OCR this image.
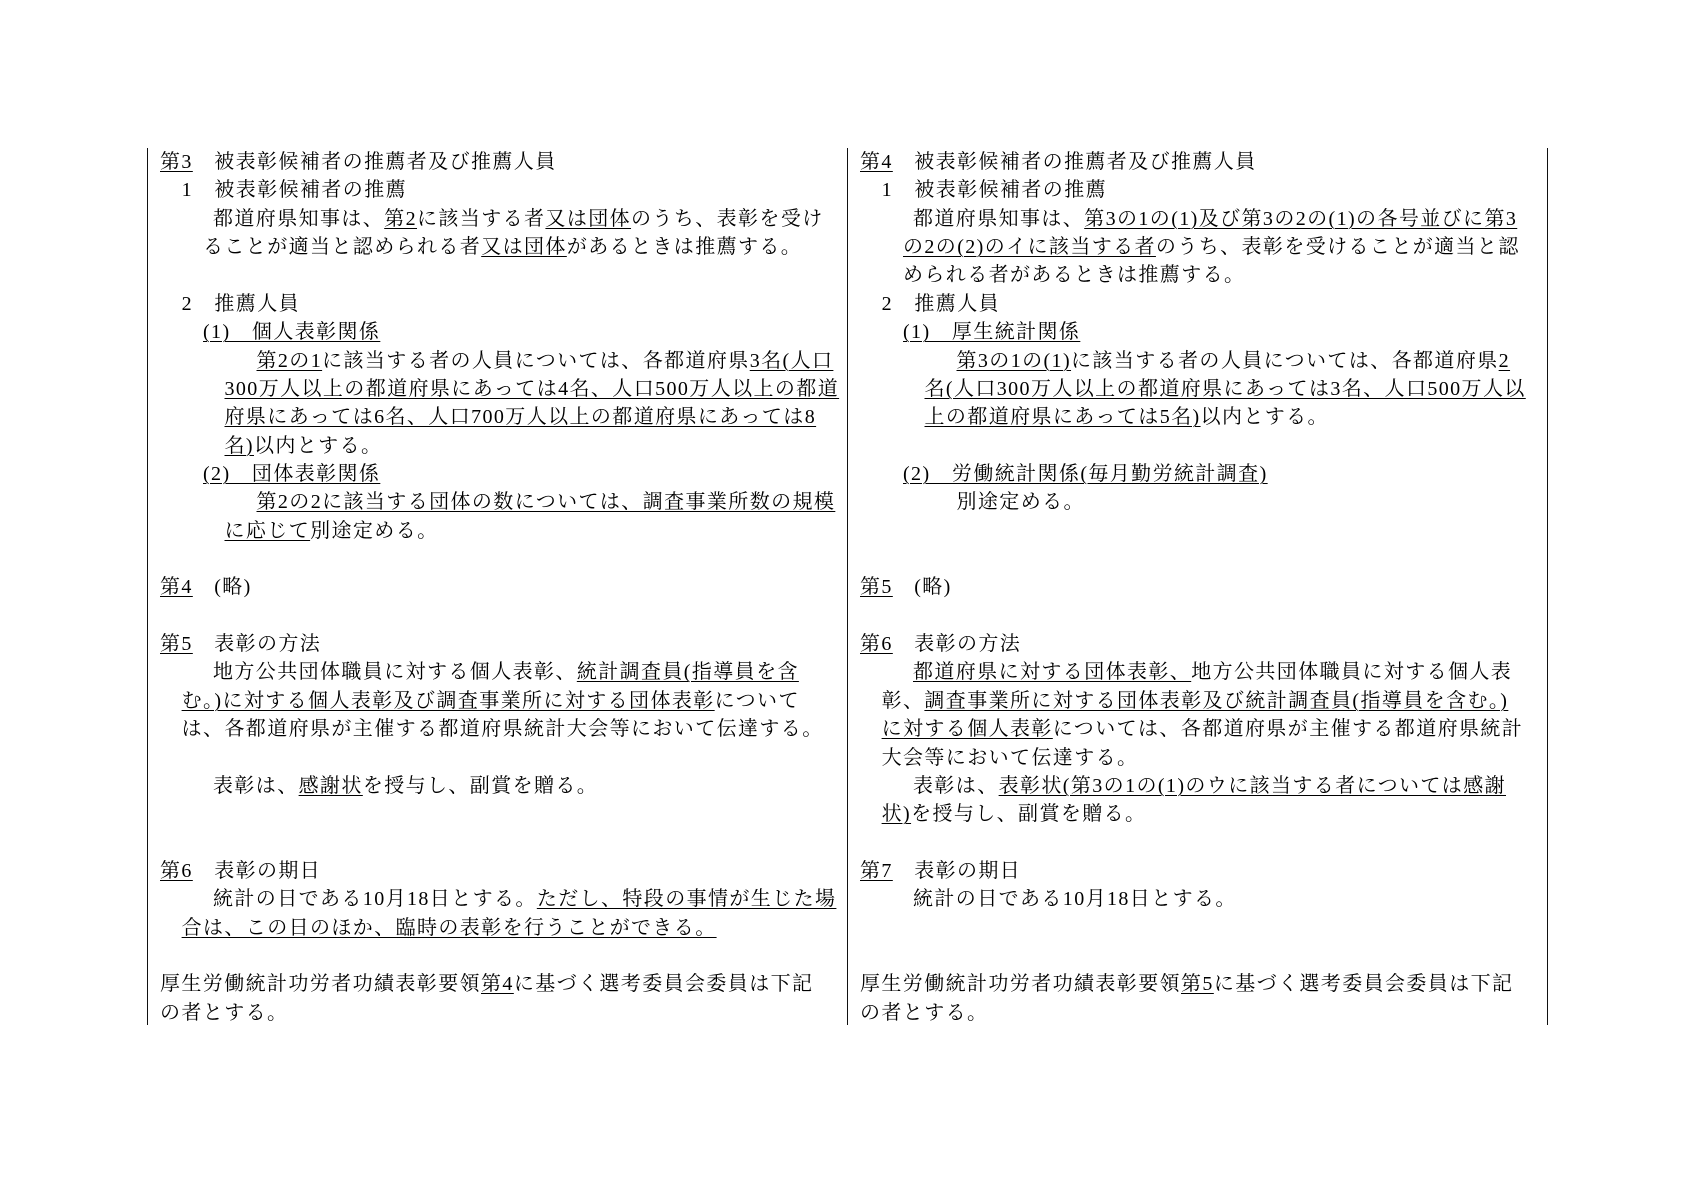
第3　被表彰候補者の推薦者及び推薦人員
1　被表彰候補者の推薦
都道府県知事は、第2に該当する者又は団体のうち、表彰を受け
ることが適当と認められる者又は団体があるときは推薦する。
2　推薦人員
(1)　個人表彰関係
第2の1に該当する者の人員については、各都道府県3名(人口
300万人以上の都道府県にあっては4名、人口500万人以上の都道
府県にあっては6名、人口700万人以上の都道府県にあっては8
名)以内とする。
(2)　団体表彰関係
第2の2に該当する団体の数については、調査事業所数の規模
に応じて別途定める。
第4　(略)
第5　表彰の方法
地方公共団体職員に対する個人表彰、統計調査員(指導員を含
む。)に対する個人表彰及び調査事業所に対する団体表彰について
は、各都道府県が主催する都道府県統計大会等において伝達する。
表彰は、感謝状を授与し、副賞を贈る。
第6　表彰の期日
統計の日である10月18日とする。ただし、特段の事情が生じた場
合は、この日のほか、臨時の表彰を行うことができる。
厚生労働統計功労者功績表彰要領第4に基づく選考委員会委員は下記
の者とする。
第4　被表彰候補者の推薦者及び推薦人員
1　被表彰候補者の推薦
都道府県知事は、第3の1の(1)及び第3の2の(1)の各号並びに第3
の2の(2)のイに該当する者のうち、表彰を受けることが適当と認
められる者があるときは推薦する。
2　推薦人員
(1)　厚生統計関係
第3の1の(1)に該当する者の人員については、各都道府県2
名(人口300万人以上の都道府県にあっては3名、人口500万人以
上の都道府県にあっては5名)以内とする。
(2)　労働統計関係(毎月勤労統計調査)
別途定める。
第5　(略)
第6　表彰の方法
都道府県に対する団体表彰、地方公共団体職員に対する個人表
彰、調査事業所に対する団体表彰及び統計調査員(指導員を含む。)
に対する個人表彰については、各都道府県が主催する都道府県統計
大会等において伝達する。
表彰は、表彰状(第3の1の(1)のウに該当する者については感謝
状)を授与し、副賞を贈る。
第7　表彰の期日
統計の日である10月18日とする。
厚生労働統計功労者功績表彰要領第5に基づく選考委員会委員は下記
の者とする。
